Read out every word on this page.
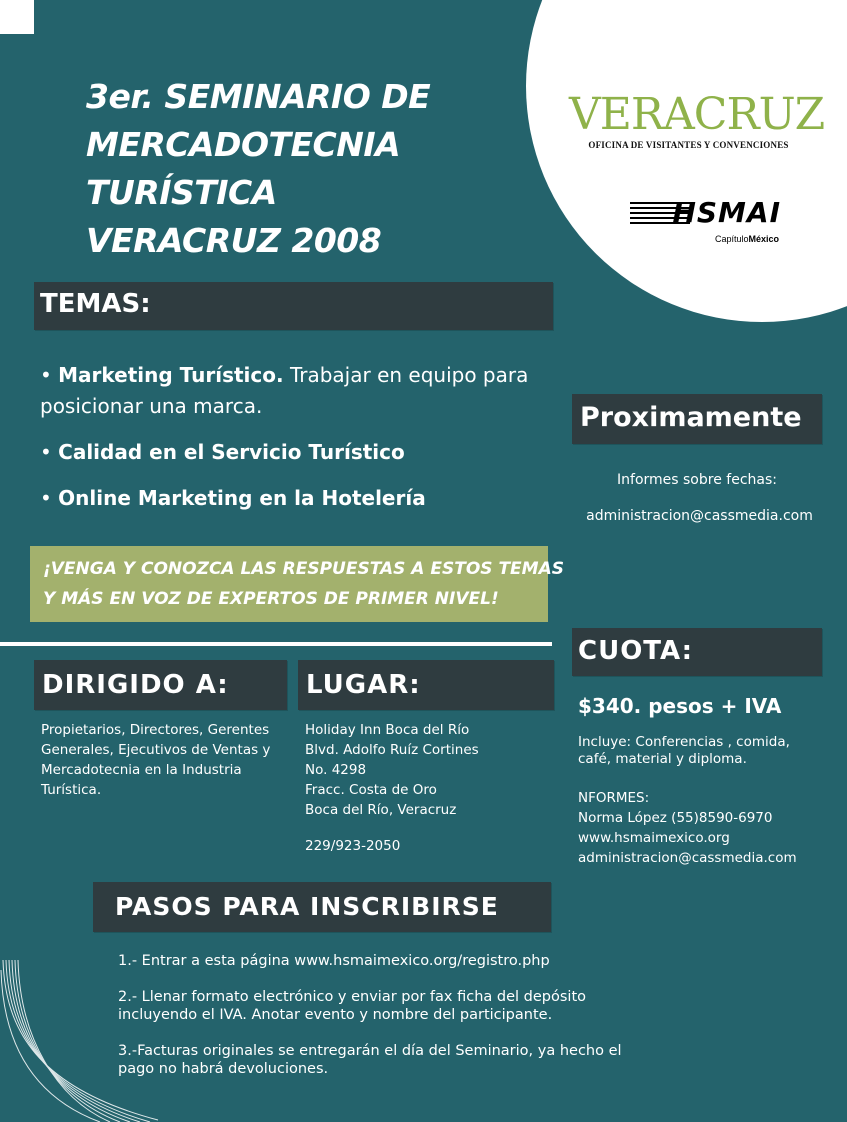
VERACRUZ
OFICINA DE VISITANTES Y CONVENCIONES
HSMAI
CapítuloMéxico
3er. SEMINARIO DE
MERCADOTECNIA
TURÍSTICA
VERACRUZ 2008
TEMAS:
• Marketing Turístico. Trabajar en equipo para posicionar una marca.
• Calidad en el Servicio Turístico
• Online Marketing en la Hotelería
Proximamente
Informes sobre fechas:
administracion@cassmedia.com
¡VENGA Y CONOZCA LAS RESPUESTAS A ESTOS TEMAS
Y MÁS EN VOZ DE EXPERTOS DE PRIMER NIVEL!
DIRIGIDO A:	LUGAR:
CUOTA:
Propietarios, Directores, Gerentes
Generales, Ejecutivos de Ventas y
Mercadotecnia en la Industria
Turística.
Holiday Inn Boca del Río
Blvd. Adolfo Ruíz Cortines
No. 4298
Fracc. Costa de Oro
Boca del Río, Veracruz
229/923-2050
$340. pesos + IVA
Incluye: Conferencias , comida,
café, material y diploma.
NFORMES:
Norma López (55)8590-6970
www.hsmaimexico.org
administracion@cassmedia.com
PASOS PARA INSCRIBIRSE
1.- Entrar a esta página www.hsmaimexico.org/registro.php
2.- Llenar formato electrónico y enviar por fax ficha del depósito
incluyendo el IVA. Anotar evento y nombre del participante.
3.-Facturas originales se entregarán el día del Seminario, ya hecho el
pago no habrá devoluciones.
